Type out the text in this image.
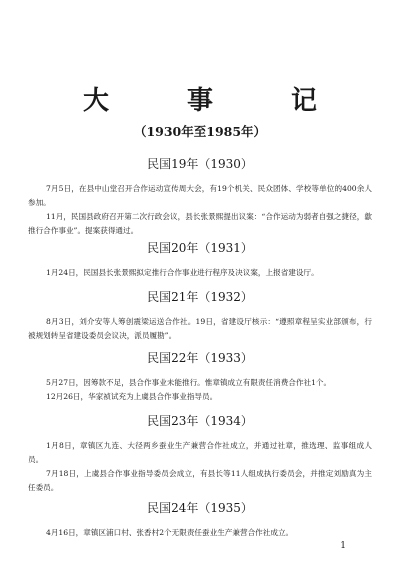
大　事　记
（1930年至1985年）
民国19年（1930）
7月5日，在县中山堂召开合作运动宣传周大会，有19个机关、民众团体、学校等单位的400余人参加。
11月，民国县政府召开第二次行政会议，县长张景熙提出议案：“合作运动为弱者自强之捷径，歙推行合作事业”。提案获得通过。
民国20年（1931）
1月24日，民国县长张景熙拟定推行合作事业进行程序及决议案，上报省建设厅。
民国21年（1932）
8月3日，刘介安等人筹创震梁运送合作社。19日，省建设厅核示：“遵照章程呈实业部颁布，行被规划转呈省建设委员会议决，派员履勘”。
民国22年（1933）
5月27日，因筹款不足，县合作事业未能推行。惟章镇成立有限责任消费合作社1个。
12月26日，华家祯试充为上虞县合作事业指导员。
民国23年（1934）
1月8日，章镇区九连、大径两乡蚕业生产兼营合作社成立，并通过社章，推选理、监事组成人员。
7月18日，上虞县合作事业指导委员会成立，有县长等11人组成执行委员会，并推定刘励真为主任委员。
民国24年（1935）
4月16日，章镇区浦口村、张香村2个无限责任蚕业生产兼营合作社成立。
1
